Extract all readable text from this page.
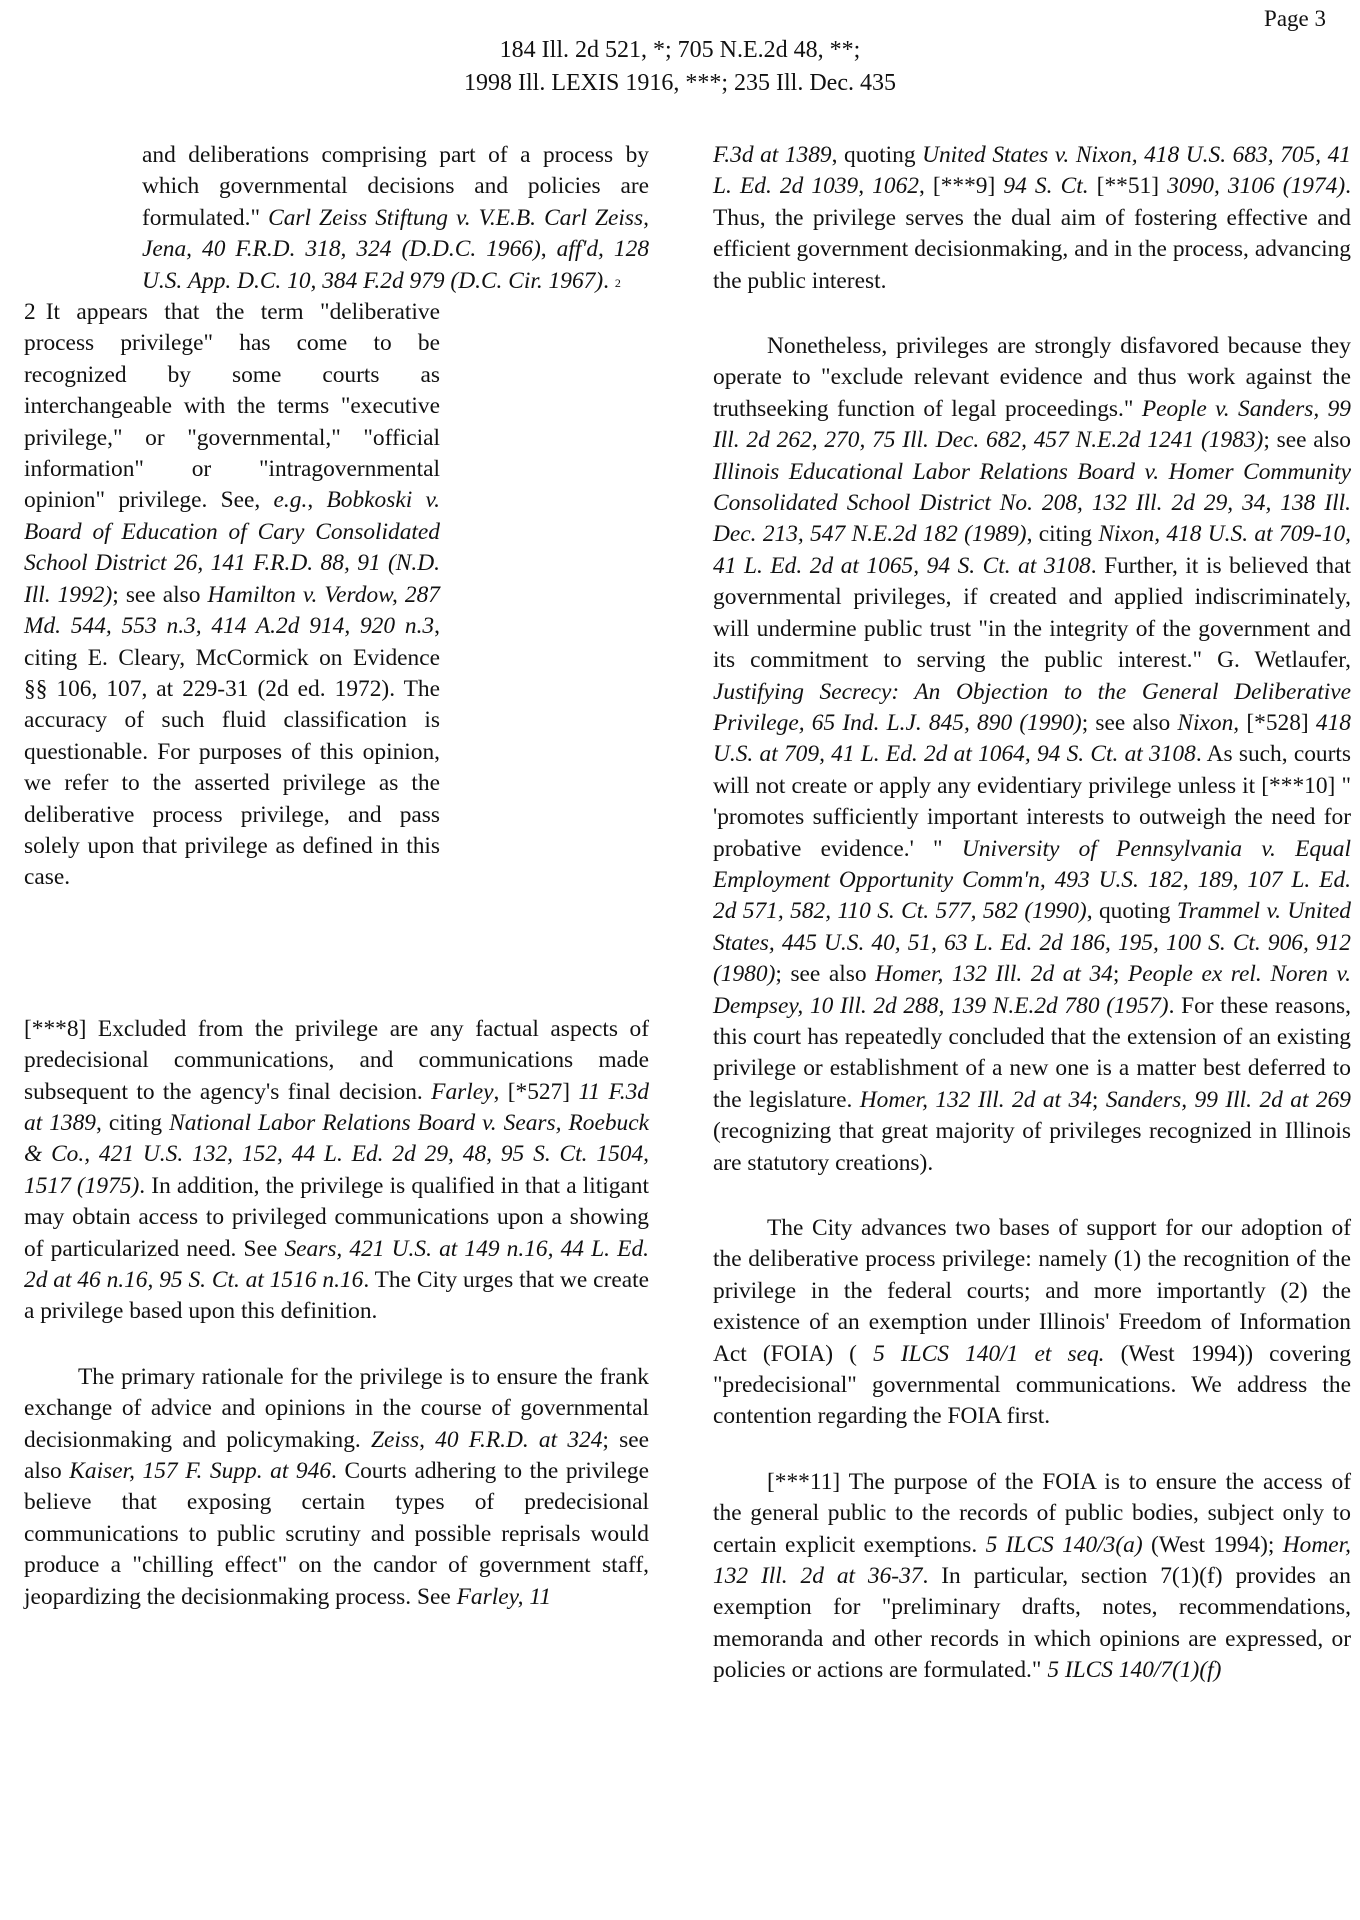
Page 3
184 Ill. 2d 521, *; 705 N.E.2d 48, **;
1998 Ill. LEXIS 1916, ***; 235 Ill. Dec. 435

and deliberations comprising part of a process by which governmental decisions and policies are formulated." Carl Zeiss Stiftung v. V.E.B. Carl Zeiss, Jena, 40 F.R.D. 318, 324 (D.D.C. 1966), aff'd, 128 U.S. App. D.C. 10, 384 F.2d 979 (D.C. Cir. 1967). $^2$

2 It appears that the term "deliberative process privilege" has come to be recognized by some courts as interchangeable with the terms "executive privilege," or "governmental," "official information" or "intragovernmental opinion" privilege. See, e.g., Bobkoski v. Board of Education of Cary Consolidated School District 26, 141 F.R.D. 88, 91 (N.D. Ill. 1992); see also Hamilton v. Verdow, 287 Md. 544, 553 n.3, 414 A.2d 914, 920 n.3, citing E. Cleary, McCormick on Evidence §§ 106, 107, at 229-31 (2d ed. 1972). The accuracy of such fluid classification is questionable. For purposes of this opinion, we refer to the asserted privilege as the deliberative process privilege, and pass solely upon that privilege as defined in this case.

[***8] Excluded from the privilege are any factual aspects of predecisional communications, and communications made subsequent to the agency's final decision. Farley, [*527] 11 F.3d at 1389, citing National Labor Relations Board v. Sears, Roebuck & Co., 421 U.S. 132, 152, 44 L. Ed. 2d 29, 48, 95 S. Ct. 1504, 1517 (1975). In addition, the privilege is qualified in that a litigant may obtain access to privileged communications upon a showing of particularized need. See Sears, 421 U.S. at 149 n.16, 44 L. Ed. 2d at 46 n.16, 95 S. Ct. at 1516 n.16. The City urges that we create a privilege based upon this definition.

The primary rationale for the privilege is to ensure the frank exchange of advice and opinions in the course of governmental decisionmaking and policymaking. Zeiss, 40 F.R.D. at 324; see also Kaiser, 157 F. Supp. at 946. Courts adhering to the privilege believe that exposing certain types of predecisional communications to public scrutiny and possible reprisals would produce a "chilling effect" on the candor of government staff, jeopardizing the decisionmaking process. See Farley, 11

F.3d at 1389, quoting United States v. Nixon, 418 U.S. 683, 705, 41 L. Ed. 2d 1039, 1062, [***9] 94 S. Ct. [**51] 3090, 3106 (1974). Thus, the privilege serves the dual aim of fostering effective and efficient government decisionmaking, and in the process, advancing the public interest.

Nonetheless, privileges are strongly disfavored because they operate to "exclude relevant evidence and thus work against the truthseeking function of legal proceedings." People v. Sanders, 99 Ill. 2d 262, 270, 75 Ill. Dec. 682, 457 N.E.2d 1241 (1983); see also Illinois Educational Labor Relations Board v. Homer Community Consolidated School District No. 208, 132 Ill. 2d 29, 34, 138 Ill. Dec. 213, 547 N.E.2d 182 (1989), citing Nixon, 418 U.S. at 709-10, 41 L. Ed. 2d at 1065, 94 S. Ct. at 3108. Further, it is believed that governmental privileges, if created and applied indiscriminately, will undermine public trust "in the integrity of the government and its commitment to serving the public interest." G. Wetlaufer, Justifying Secrecy: An Objection to the General Deliberative Privilege, 65 Ind. L.J. 845, 890 (1990); see also Nixon, [*528] 418 U.S. at 709, 41 L. Ed. 2d at 1064, 94 S. Ct. at 3108. As such, courts will not create or apply any evidentiary privilege unless it [***10] " 'promotes sufficiently important interests to outweigh the need for probative evidence.' " University of Pennsylvania v. Equal Employment Opportunity Comm'n, 493 U.S. 182, 189, 107 L. Ed. 2d 571, 582, 110 S. Ct. 577, 582 (1990), quoting Trammel v. United States, 445 U.S. 40, 51, 63 L. Ed. 2d 186, 195, 100 S. Ct. 906, 912 (1980); see also Homer, 132 Ill. 2d at 34; People ex rel. Noren v. Dempsey, 10 Ill. 2d 288, 139 N.E.2d 780 (1957). For these reasons, this court has repeatedly concluded that the extension of an existing privilege or establishment of a new one is a matter best deferred to the legislature. Homer, 132 Ill. 2d at 34; Sanders, 99 Ill. 2d at 269 (recognizing that great majority of privileges recognized in Illinois are statutory creations).

The City advances two bases of support for our adoption of the deliberative process privilege: namely (1) the recognition of the privilege in the federal courts; and more importantly (2) the existence of an exemption under Illinois' Freedom of Information Act (FOIA) ( 5 ILCS 140/1 et seq. (West 1994)) covering "predecisional" governmental communications. We address the contention regarding the FOIA first.

[***11] The purpose of the FOIA is to ensure the access of the general public to the records of public bodies, subject only to certain explicit exemptions. 5 ILCS 140/3(a) (West 1994); Homer, 132 Ill. 2d at 36-37. In particular, section 7(1)(f) provides an exemption for "preliminary drafts, notes, recommendations, memoranda and other records in which opinions are expressed, or policies or actions are formulated." 5 ILCS 140/7(1)(f)
